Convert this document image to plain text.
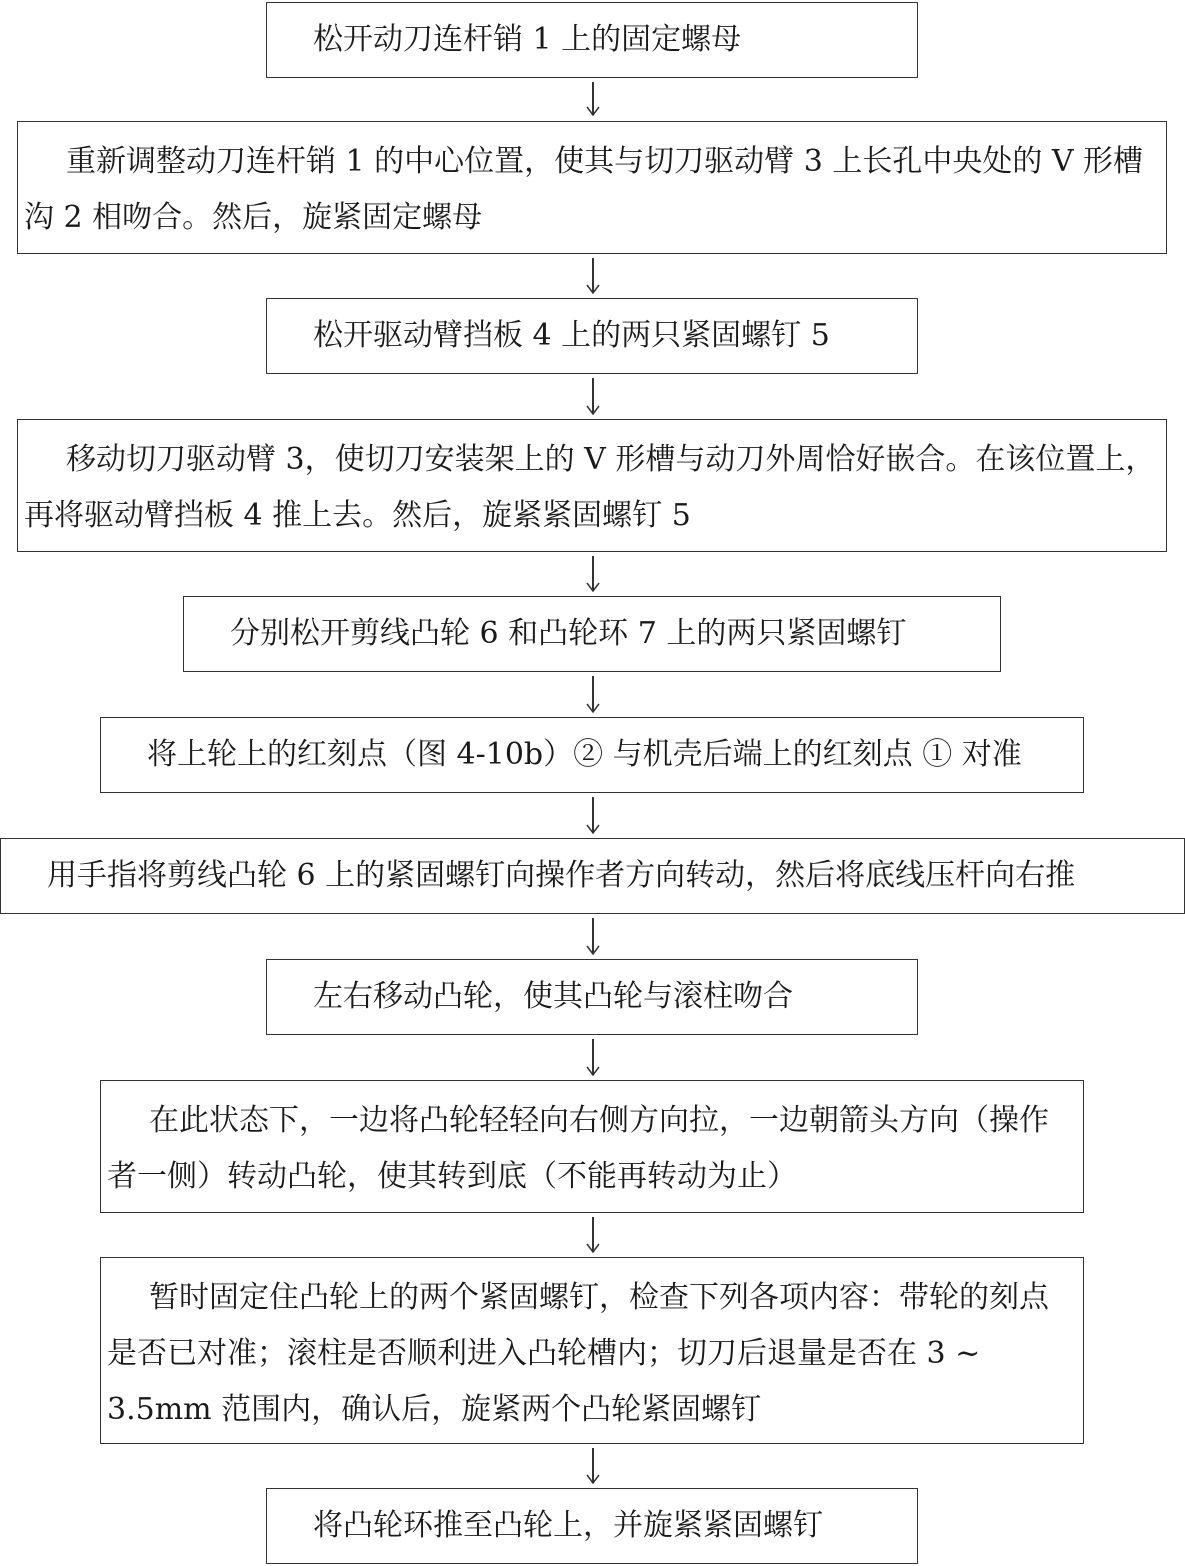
松开动刀连杆销 1 上的固定螺母
重新调整动刀连杆销 1 的中心位置，使其与切刀驱动臂 3 上长孔中央处的 V 形槽沟 2 相吻合。然后，旋紧固定螺母
松开驱动臂挡板 4 上的两只紧固螺钉 5
移动切刀驱动臂 3，使切刀安装架上的 V 形槽与动刀外周恰好嵌合。在该位置上，再将驱动臂挡板 4 推上去。然后，旋紧紧固螺钉 5
分别松开剪线凸轮 6 和凸轮环 7 上的两只紧固螺钉
将上轮上的红刻点（图 4-10b）② 与机壳后端上的红刻点 ① 对准
用手指将剪线凸轮 6 上的紧固螺钉向操作者方向转动，然后将底线压杆向右推
左右移动凸轮，使其凸轮与滚柱吻合
在此状态下，一边将凸轮轻轻向右侧方向拉，一边朝箭头方向（操作者一侧）转动凸轮，使其转到底（不能再转动为止）
暂时固定住凸轮上的两个紧固螺钉，检查下列各项内容：带轮的刻点是否已对准；滚柱是否顺利进入凸轮槽内；切刀后退量是否在 3 ~ 3.5mm 范围内，确认后，旋紧两个凸轮紧固螺钉
将凸轮环推至凸轮上，并旋紧紧固螺钉
